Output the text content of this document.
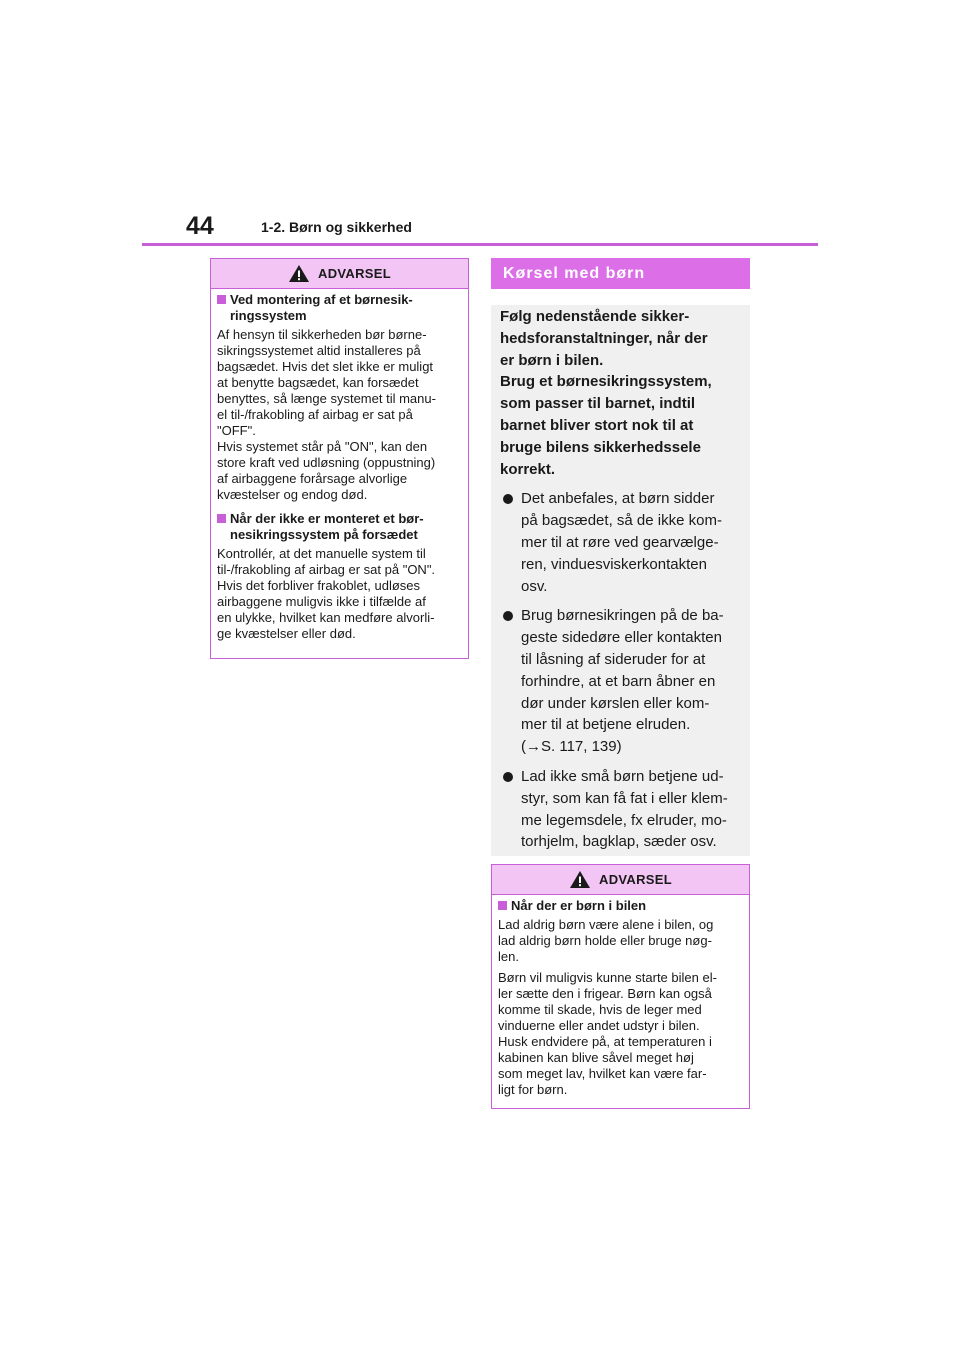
44	1-2. Børn og sikkerhed
ADVARSEL
Ved montering af et børnesik-
ringssystem
Af hensyn til sikkerheden bør børne-
sikringssystemet altid installeres på
bagsædet. Hvis det slet ikke er muligt
at benytte bagsædet, kan forsædet
benyttes, så længe systemet til manu-
el til-/frakobling af airbag er sat på
"OFF".
Hvis systemet står på "ON", kan den
store kraft ved udløsning (oppustning)
af airbaggene forårsage alvorlige
kvæstelser og endog død.
Når der ikke er monteret et bør-
nesikringssystem på forsædet
Kontrollér, at det manuelle system til
til-/frakobling af airbag er sat på "ON".
Hvis det forbliver frakoblet, udløses
airbaggene muligvis ikke i tilfælde af
en ulykke, hvilket kan medføre alvorli-
ge kvæstelser eller død.
Kørsel med børn
Følg nedenstående sikker-
hedsforanstaltninger, når der
er børn i bilen.
Brug et børnesikringssystem,
som passer til barnet, indtil
barnet bliver stort nok til at
bruge bilens sikkerhedssele
korrekt.
Det anbefales, at børn sidder
på bagsædet, så de ikke kom-
mer til at røre ved gearvælge-
ren, vinduesviskerkontakten
osv.
Brug børnesikringen på de ba-
geste sidedøre eller kontakten
til låsning af sideruder for at
forhindre, at et barn åbner en
dør under kørslen eller kom-
mer til at betjene elruden.
(→S. 117, 139)
Lad ikke små børn betjene ud-
styr, som kan få fat i eller klem-
me legemsdele, fx elruder, mo-
torhjelm, bagklap, sæder osv.
ADVARSEL
Når der er børn i bilen
Lad aldrig børn være alene i bilen, og
lad aldrig børn holde eller bruge nøg-
len.
Børn vil muligvis kunne starte bilen el-
ler sætte den i frigear. Børn kan også
komme til skade, hvis de leger med
vinduerne eller andet udstyr i bilen.
Husk endvidere på, at temperaturen i
kabinen kan blive såvel meget høj
som meget lav, hvilket kan være far-
ligt for børn.
